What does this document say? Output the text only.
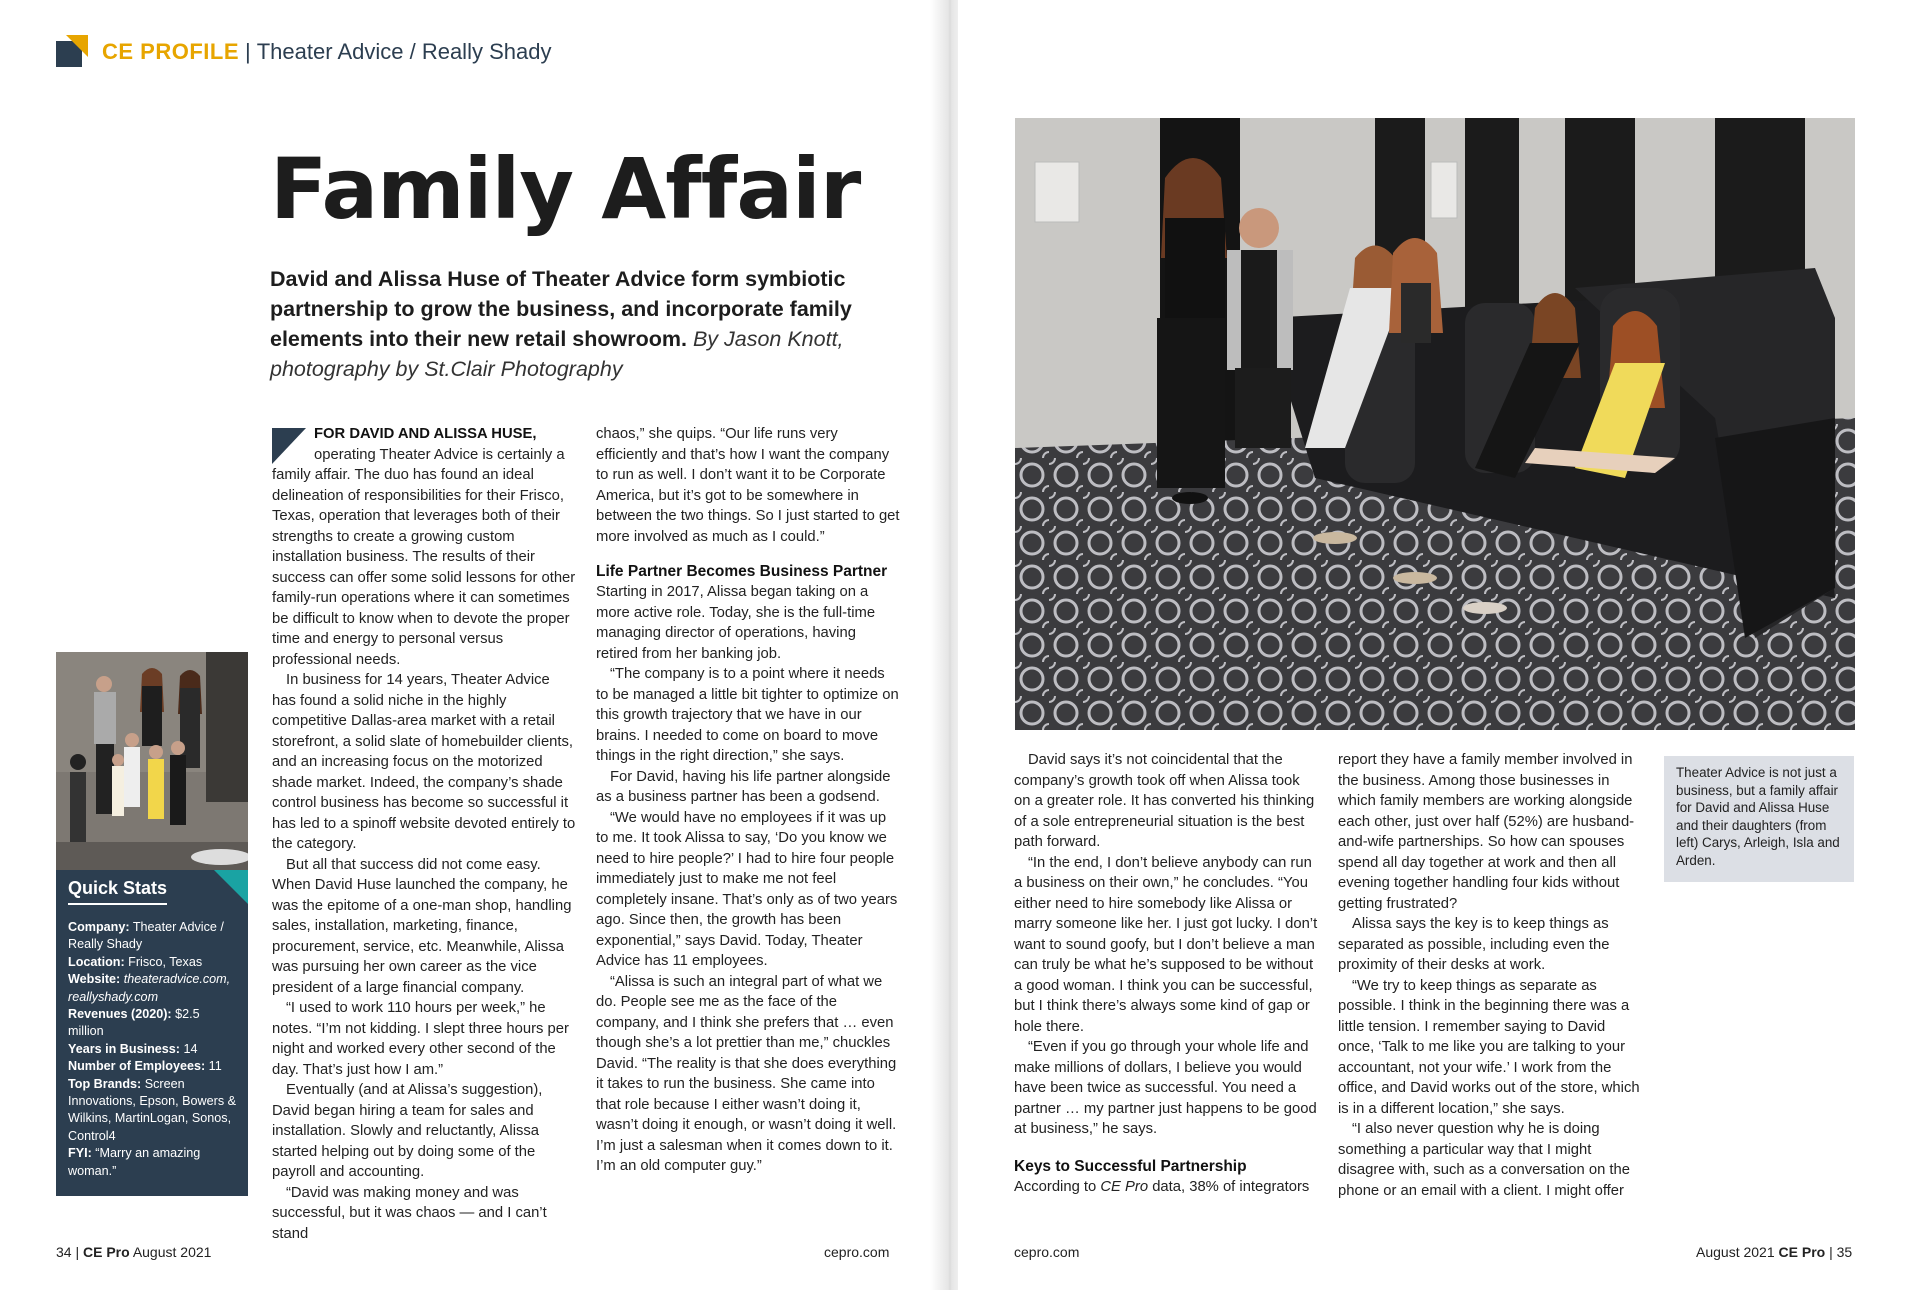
CE PROFILE | Theater Advice / Really Shady
Family Affair
David and Alissa Huse of Theater Advice form symbiotic partnership to grow the business, and incorporate family elements into their new retail showroom. By Jason Knott, photography by St.Clair Photography

FOR DAVID AND ALISSA HUSE, operating Theater Advice is certainly a family affair. The duo has found an ideal delineation of responsibilities for their Frisco, Texas, operation that leverages both of their strengths to create a growing custom installation business. The results of their success can offer some solid lessons for other family-run operations where it can sometimes be difficult to know when to devote the proper time and energy to personal versus professional needs.

In business for 14 years, Theater Advice has found a solid niche in the highly competitive Dallas-area market with a retail storefront, a solid slate of homebuilder clients, and an increasing focus on the motorized shade market. Indeed, the company’s shade control business has become so successful it has led to a spinoff website devoted entirely to the category.

But all that success did not come easy. When David Huse launched the company, he was the epitome of a one-man shop, handling sales, installation, marketing, finance, procurement, service, etc. Meanwhile, Alissa was pursuing her own career as the vice president of a large financial company.

“I used to work 110 hours per week,” he notes. “I’m not kidding. I slept three hours per night and worked every other second of the day. That’s just how I am.”

Eventually (and at Alissa’s suggestion), David began hiring a team for sales and installation. Slowly and reluctantly, Alissa started helping out by doing some of the payroll and accounting.

“David was making money and was successful, but it was chaos — and I can’t stand

chaos,” she quips. “Our life runs very efficiently and that’s how I want the company to run as well. I don’t want it to be Corporate America, but it’s got to be somewhere in between the two things. So I just started to get more involved as much as I could.”

Life Partner Becomes Business Partner

Starting in 2017, Alissa began taking on a more active role. Today, she is the full-time managing director of operations, having retired from her banking job.

“The company is to a point where it needs to be managed a little bit tighter to optimize on this growth trajectory that we have in our brains. I needed to come on board to move things in the right direction,” she says.

For David, having his life partner alongside as a business partner has been a godsend.

“We would have no employees if it was up to me. It took Alissa to say, ‘Do you know we need to hire people?’ I had to hire four people immediately just to make me not feel completely insane. That’s only as of two years ago. Since then, the growth has been exponential,” says David. Today, Theater Advice has 11 employees.

“Alissa is such an integral part of what we do. People see me as the face of the company, and I think she prefers that … even though she’s a lot prettier than me,” chuckles David. “The reality is that she does everything it takes to run the business. She came into that role because I either wasn’t doing it, wasn’t doing it enough, or wasn’t doing it well. I’m just a salesman when it comes down to it. I’m an old computer guy.”

Quick Stats
Company: Theater Advice / Really Shady
Location: Frisco, Texas
Website: theateradvice.com, reallyshady.com
Revenues (2020): $2.5 million
Years in Business: 14
Number of Employees: 11
Top Brands: Screen Innovations, Epson, Bowers & Wilkins, MartinLogan, Sonos, Control4
FYI: “Marry an amazing woman.”
34 | CE Pro August 2021	cepro.com	cepro.com	August 2021 CE Pro | 35

David says it’s not coincidental that the company’s growth took off when Alissa took on a greater role. It has converted his thinking of a sole entrepreneurial situation is the best path forward.

“In the end, I don’t believe anybody can run a business on their own,” he concludes. “You either need to hire somebody like Alissa or marry someone like her. I just got lucky. I don’t want to sound goofy, but I don’t believe a man can truly be what he’s supposed to be without a good woman. I think you can be successful, but I think there’s always some kind of gap or hole there.

“Even if you go through your whole life and make millions of dollars, I believe you would have been twice as successful. You need a partner … my partner just happens to be good at business,” he says.

Keys to Successful Partnership

According to CE Pro data, 38% of integrators

report they have a family member involved in the business. Among those businesses in which family members are working alongside each other, just over half (52%) are husband-and-wife partnerships. So how can spouses spend all day together at work and then all evening together handling four kids without getting frustrated?

Alissa says the key is to keep things as separated as possible, including even the proximity of their desks at work.

“We try to keep things as separate as possible. I think in the beginning there was a little tension. I remember saying to David once, ‘Talk to me like you are talking to your accountant, not your wife.’ I work from the office, and David works out of the store, which is in a different location,” she says.

“I also never question why he is doing something a particular way that I might disagree with, such as a conversation on the phone or an email with a client. I might offer

Theater Advice is not just a business, but a family affair for David and Alissa Huse and their daughters (from left) Carys, Arleigh, Isla and Arden.
